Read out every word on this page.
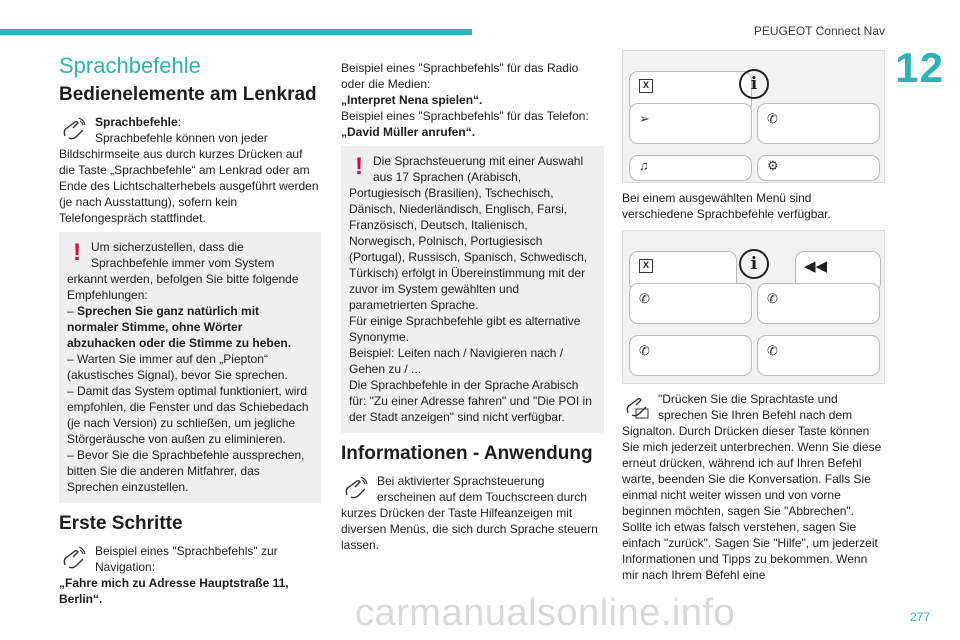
PEUGEOT Connect Nav
12
Sprachbefehle
Bedienelemente am Lenkrad

Sprachbefehle:
Sprachbefehle können von jeder Bildschirmseite aus durch kurzes Drücken auf die Taste „Sprachbefehle“ am Lenkrad oder am Ende des Lichtschalterhebels ausgeführt werden (je nach Ausstattung), sofern kein Telefongespräch stattfindet.

! Um sicherzustellen, dass die Sprachbefehle immer vom System erkannt werden, befolgen Sie bitte folgende Empfehlungen:

– Sprechen Sie ganz natürlich mit normaler Stimme, ohne Wörter abzuhacken oder die Stimme zu heben.

– Warten Sie immer auf den „Piepton“ (akustisches Signal), bevor Sie sprechen.
– Damit das System optimal funktioniert, wird empfohlen, die Fenster und das Schiebedach (je nach Version) zu schließen, um jegliche Störgeräusche von außen zu eliminieren.
– Bevor Sie die Sprachbefehle aussprechen, bitten Sie die anderen Mitfahrer, das Sprechen einzustellen.

Erste Schritte

Beispiel eines "Sprachbefehls" zur Navigation:

„Fahre mich zu Adresse Hauptstraße 11, Berlin“.

Beispiel eines "Sprachbefehls" für das Radio oder die Medien:

„Interpret Nena spielen“.

Beispiel eines "Sprachbefehls" für das Telefon:

„David Müller anrufen“.

! Die Sprachsteuerung mit einer Auswahl aus 17 Sprachen (Arabisch, Portugiesisch (Brasilien), Tschechisch, Dänisch, Niederländisch, Englisch, Farsi, Französisch, Deutsch, Italienisch, Norwegisch, Polnisch, Portugiesisch (Portugal), Russisch, Spanisch, Schwedisch, Türkisch) erfolgt in Übereinstimmung mit der zuvor im System gewählten und parametrierten Sprache.
Für einige Sprachbefehle gibt es alternative Synonyme.
Beispiel: Leiten nach / Navigieren nach / Gehen zu / ...
Die Sprachbefehle in der Sprache Arabisch für: "Zu einer Adresse fahren" und "Die POI in der Stadt anzeigen" sind nicht verfügbar.

Informationen - Anwendung

Bei aktivierter Sprachsteuerung erscheinen auf dem Touchscreen durch kurzes Drücken der Taste Hilfeanzeigen mit diversen Menüs, die sich durch Sprache steuern lassen.

X	i
➢	✆
♫	⚙

Bei einem ausgewählten Menü sind verschiedene Sprachbefehle verfügbar.

X	i	◀◀
✆	✆
✆	✆

"Drücken Sie die Sprachtaste und sprechen Sie Ihren Befehl nach dem Signalton. Durch Drücken dieser Taste können Sie mich jederzeit unterbrechen. Wenn Sie diese erneut drücken, während ich auf Ihren Befehl warte, beenden Sie die Konversation. Falls Sie einmal nicht weiter wissen und von vorne beginnen möchten, sagen Sie "Abbrechen". Sollte ich etwas falsch verstehen, sagen Sie einfach "zurück". Sagen Sie "Hilfe", um jederzeit Informationen und Tipps zu bekommen. Wenn mir nach Ihrem Befehl eine

carmanualsonline.info	277
